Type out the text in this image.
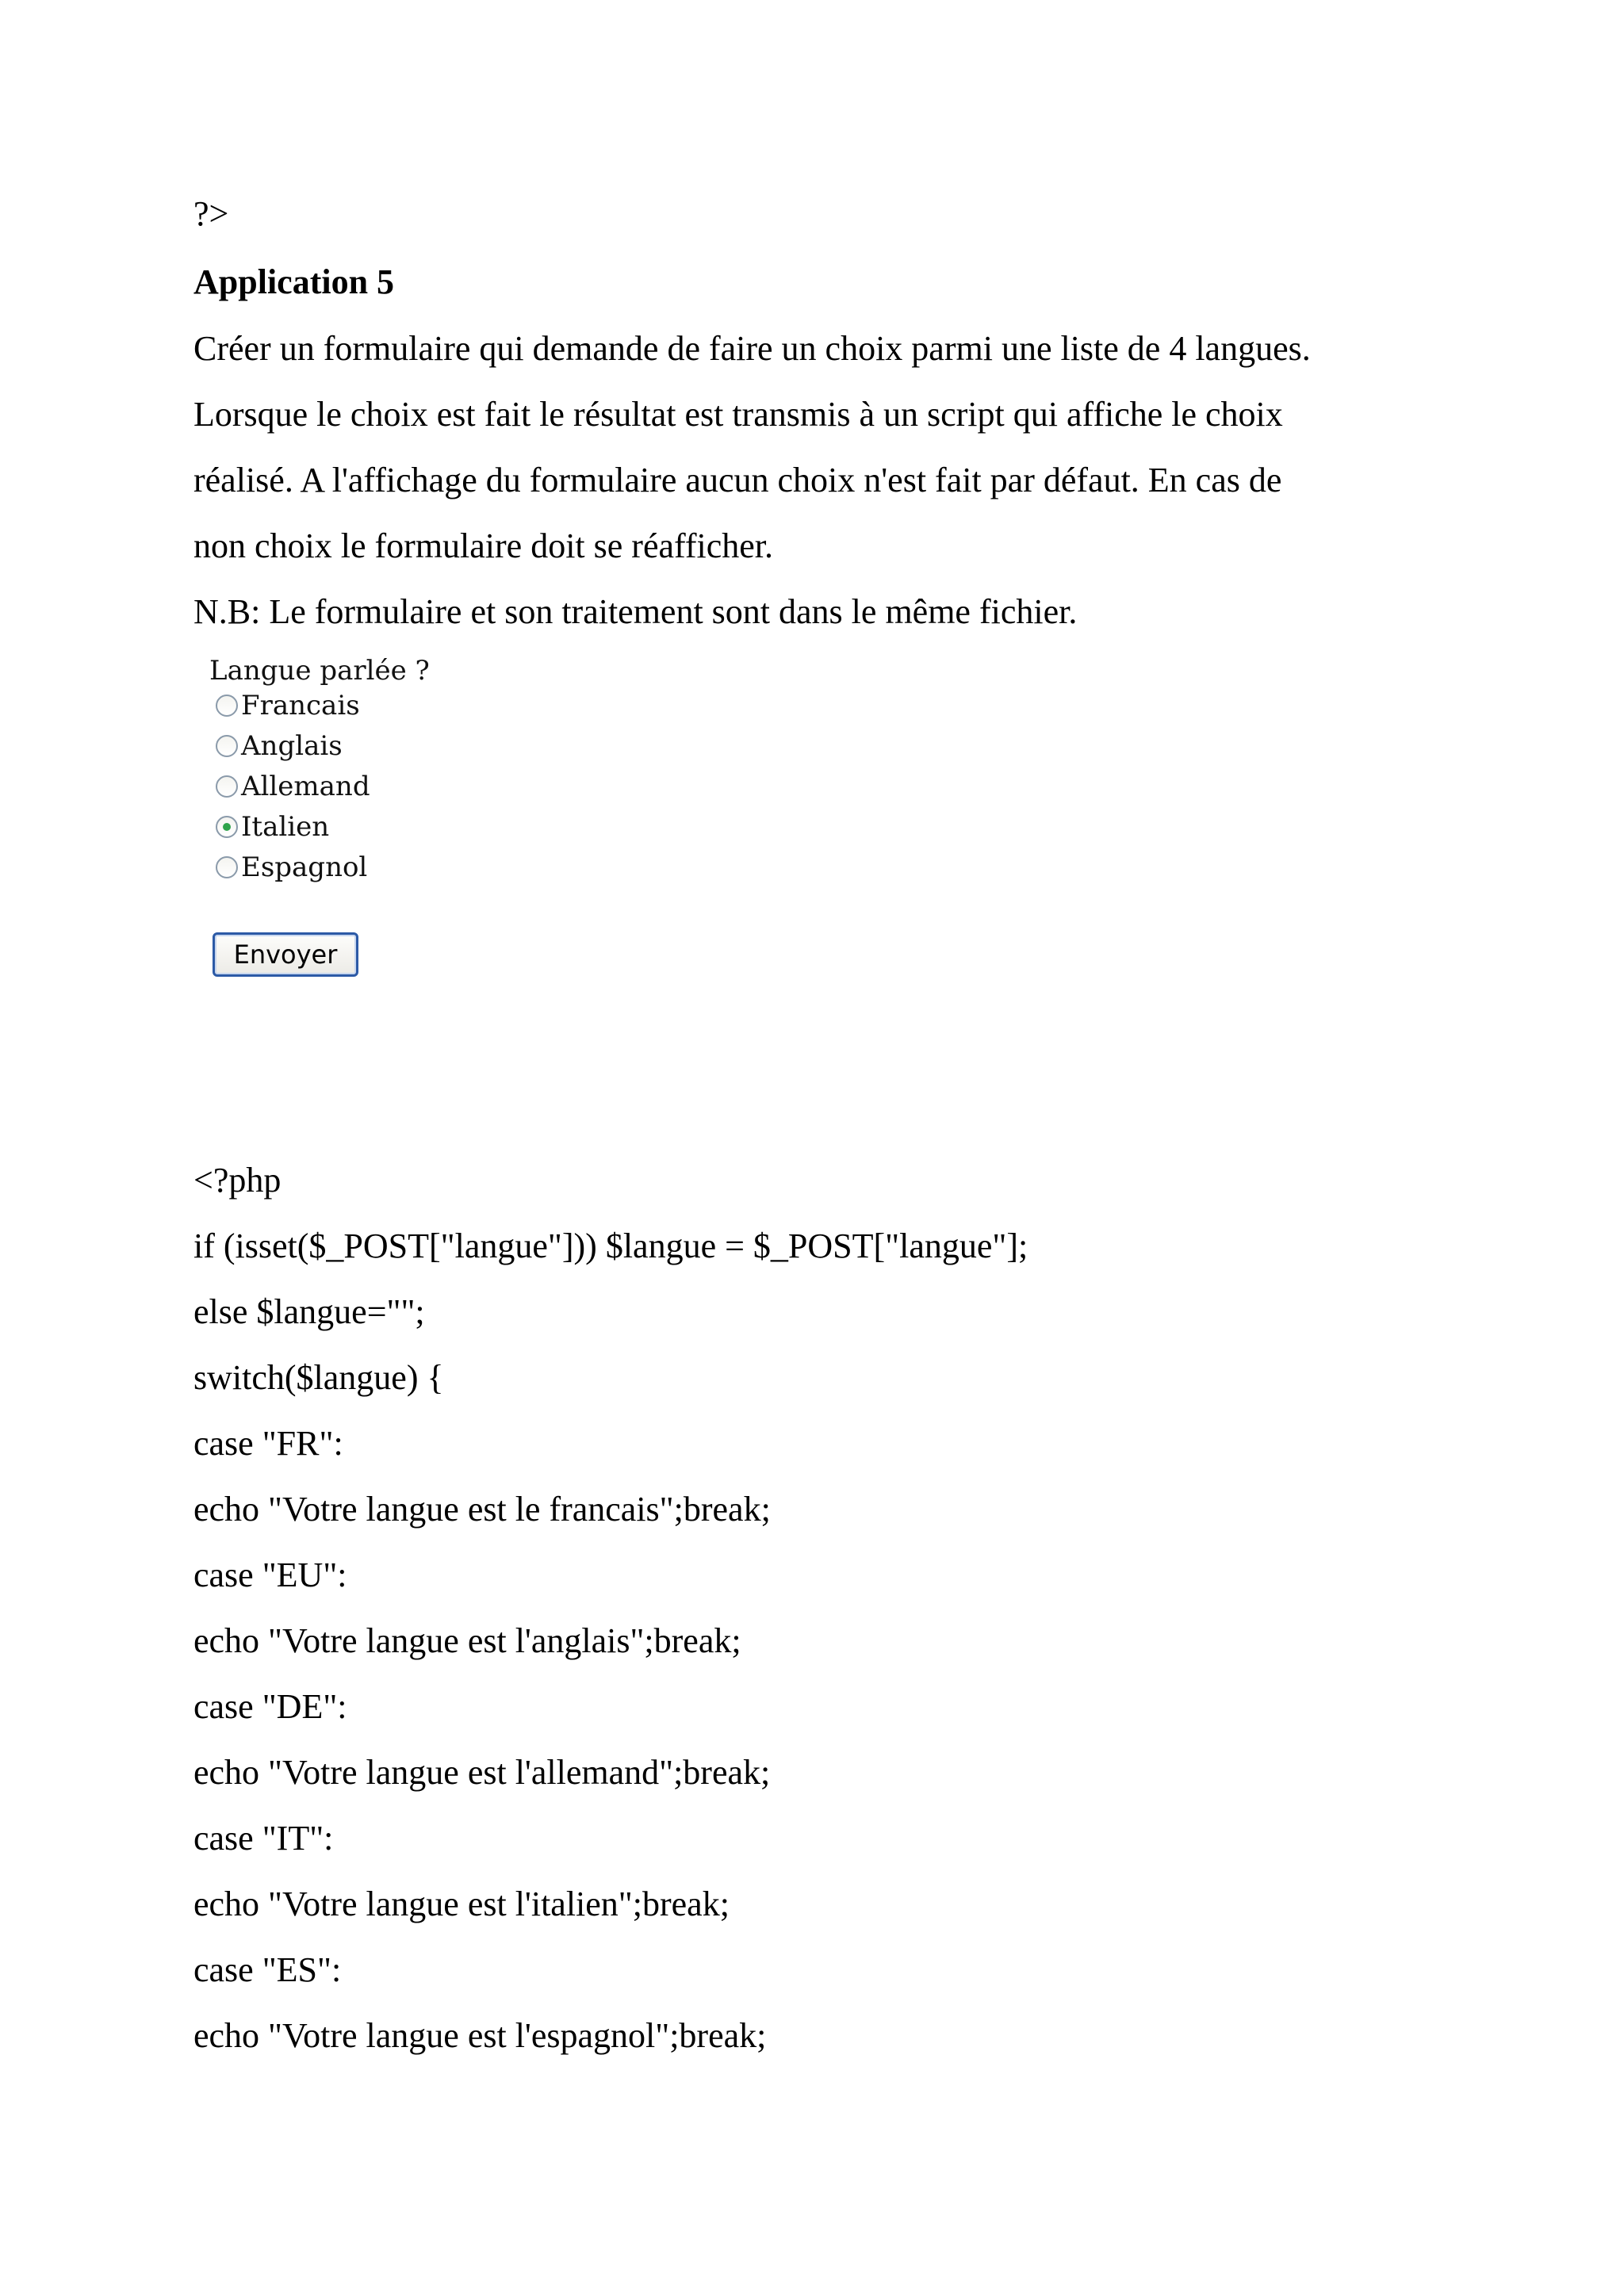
?>
Application 5
Créer un formulaire qui demande de faire un choix parmi une liste de 4 langues.
Lorsque le choix est fait le résultat est transmis à un script qui affiche le choix
réalisé. A l'affichage du formulaire aucun choix n'est fait par défaut. En cas de
non choix le formulaire doit se réafficher.
N.B: Le formulaire et son traitement sont dans le même fichier.
Langue parlée ?
Francais
Anglais
Allemand
Italien
Espagnol
Envoyer
<?php
if (isset($_POST["langue"])) $langue = $_POST["langue"];
else $langue="";
switch($langue) {
case "FR":
echo "Votre langue est le francais";break;
case "EU":
echo "Votre langue est l'anglais";break;
case "DE":
echo "Votre langue est l'allemand";break;
case "IT":
echo "Votre langue est l'italien";break;
case "ES":
echo "Votre langue est l'espagnol";break;
